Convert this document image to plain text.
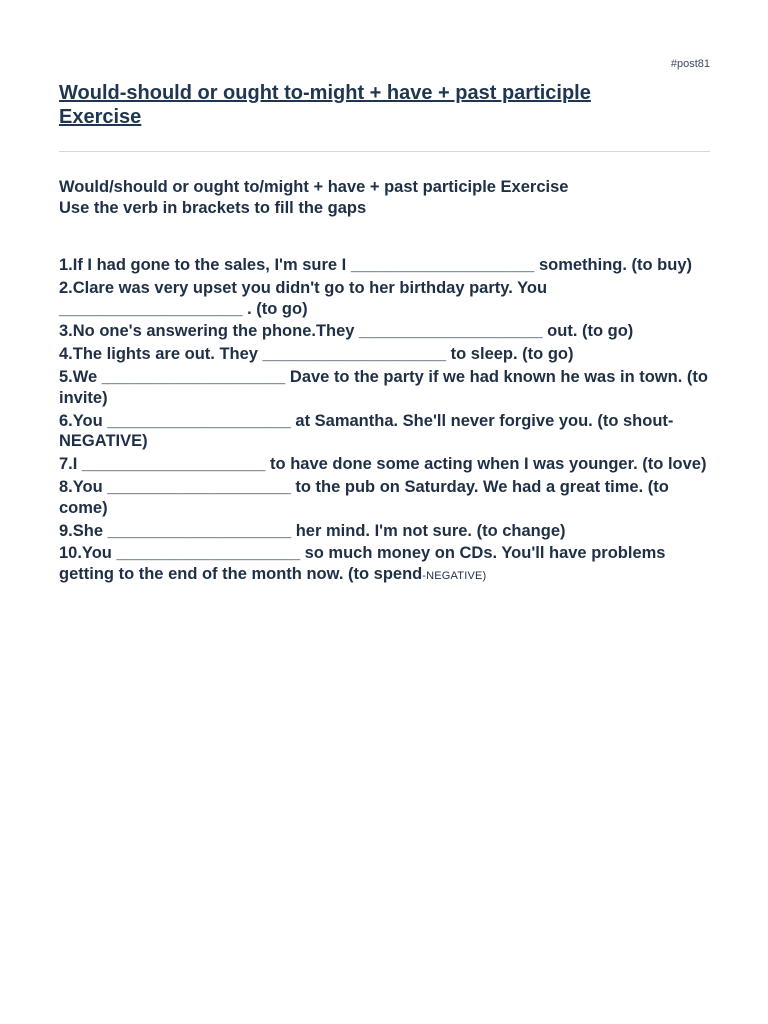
#post81
Would-should or ought to-might + have + past participle Exercise
Would/should or ought to/might + have + past participle Exercise
Use the verb in brackets to fill the gaps
1.If I had gone to the sales, I'm sure I ____________________ something. (to buy)
2.Clare was very upset you didn't go to her birthday party. You ____________________ . (to go)
3.No one's answering the phone.They ____________________ out. (to go)
4.The lights are out. They ____________________ to sleep. (to go)
5.We ____________________ Dave to the party if we had known he was in town. (to invite)
6.You ____________________ at Samantha. She'll never forgive you. (to shout-NEGATIVE)
7.I ____________________ to have done some acting when I was younger. (to love)
8.You ____________________ to the pub on Saturday. We had a great time. (to come)
9.She ____________________ her mind. I'm not sure. (to change)
10.You ____________________ so much money on CDs. You'll have problems getting to the end of the month now. (to spend-NEGATIVE)
